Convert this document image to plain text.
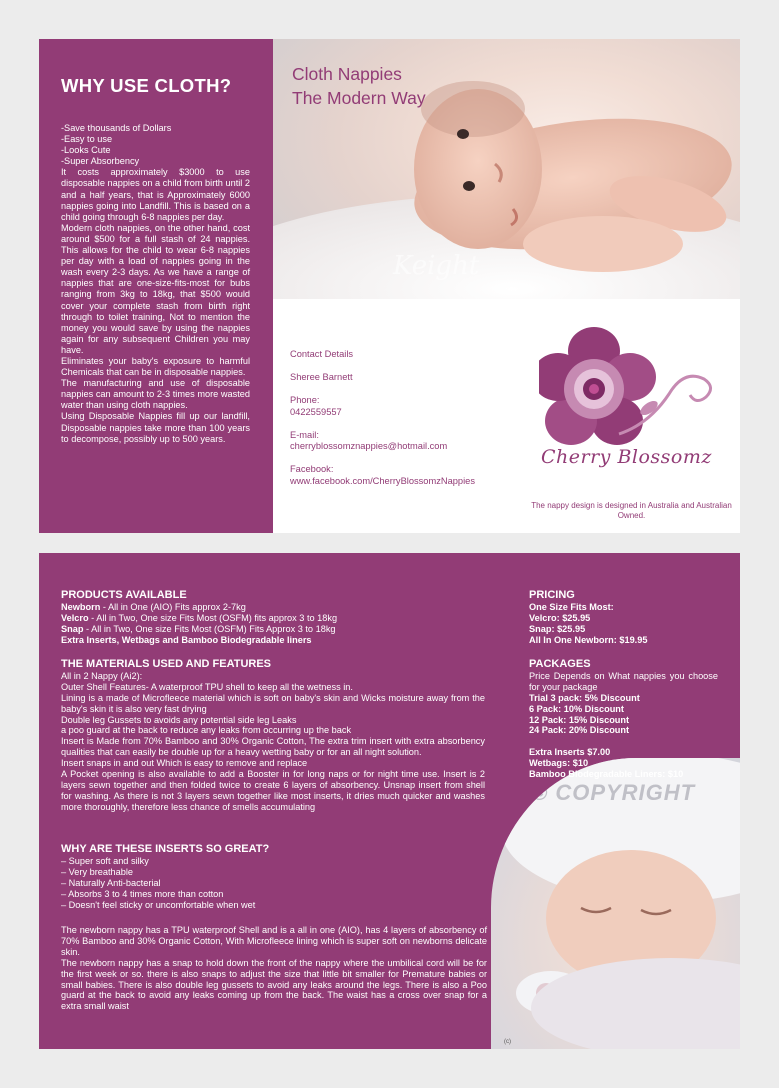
WHY USE CLOTH?
-Save thousands of Dollars
-Easy to use
-Looks Cute
-Super Absorbency
It costs approximately $3000 to use disposable nappies on a child from birth until 2 and a half years, that is Approximately 6000 nappies going into Landfill. This is based on a child going through 6-8 nappies per day.
Modern cloth nappies, on the other hand, cost around $500 for a full stash of 24 nappies. This allows for the child to wear 6-8 nappies per day with a load of nappies going in the wash every 2-3 days. As we have a range of nappies that are one-size-fits-most for bubs ranging from 3kg to 18kg, that $500 would cover your complete stash from birth right through to toilet training, Not to mention the money you would save by using the nappies again for any subsequent Children you may have.
Eliminates your baby's exposure to harmful Chemicals that can be in disposable nappies.
The manufacturing and use of disposable nappies can amount to 2-3 times more wasted water than using cloth nappies.
Using Disposable Nappies fill up our landfill, Disposable nappies take more than 100 years to decompose, possibly up to 500 years.
Keight
Cloth Nappies
The Modern Way
Contact Details
Sheree Barnett
Phone:
0422559557
E-mail:
cherryblossomznappies@hotmail.com
Facebook:
www.facebook.com/CherryBlossomzNappies
Cherry Blossomz
The nappy design is designed in Australia and Australian Owned.
© COPYRIGHT
PRODUCTS AVAILABLE

Newborn - All in One (AIO) Fits approx 2-7kg

Velcro - All in Two, One size Fits Most (OSFM) fits approx 3 to 18kg

Snap - All in Two, One size Fits Most (OSFM) Fits Approx 3 to 18kg

Extra Inserts, Wetbags and Bamboo Biodegradable liners

THE MATERIALS USED AND FEATURES

All in 2 Nappy (Ai2):

Outer Shell Features- A waterproof TPU shell to keep all the wetness in.

Lining is a made of Microfleece material which is soft on baby's skin and Wicks moisture away from the baby's skin it is also very fast drying

Double leg Gussets to avoids any potential side leg Leaks

a poo guard at the back to reduce any leaks from occurring up the back

Insert is Made from 70% Bamboo and 30% Organic Cotton, The extra trim insert with extra absorbency qualities that can easily be double up for a heavy wetting baby or for an all night solution.

Insert snaps in and out Which is easy to remove and replace

A Pocket opening is also available to add a Booster in for long naps or for night time use. Insert is 2 layers sewn together and then folded twice to create 6 layers of absorbency. Unsnap insert from shell for washing. As there is not 3 layers sewn together like most inserts, it dries much quicker and washes more thoroughly, therefore less chance of smells accumulating

WHY ARE THESE INSERTS SO GREAT?

– Super soft and silky

– Very breathable

– Naturally Anti-bacterial

– Absorbs 3 to 4 times more than cotton

– Doesn't feel sticky or uncomfortable when wet

The newborn nappy has a TPU waterproof Shell and is a all in one (AIO), has 4 layers of absorbency of 70% Bamboo and 30% Organic Cotton, With Microfleece lining which is super soft on newborns delicate skin.

The newborn nappy has a snap to hold down the front of the nappy where the umbilical cord will be for the first week or so. there is also snaps to adjust the size that little bit smaller for Premature babies or small babies. There is also double leg gussets to avoid any leaks around the legs. There is also a Poo guard at the back to avoid any leaks coming up from the back. The waist has a cross over snap for a extra small waist

PRICING

One Size Fits Most:

Velcro: $25.95

Snap: $25.95

All In One Newborn: $19.95

PACKAGES

Price Depends on What nappies you choose for your package

Trial 3 pack: 5% Discount

6 Pack: 10% Discount

12 Pack: 15% Discount

24 Pack: 20% Discount

Extra Inserts $7.00

Wetbags: $10

Bamboo Biodegradable Liners: $10

(c)
